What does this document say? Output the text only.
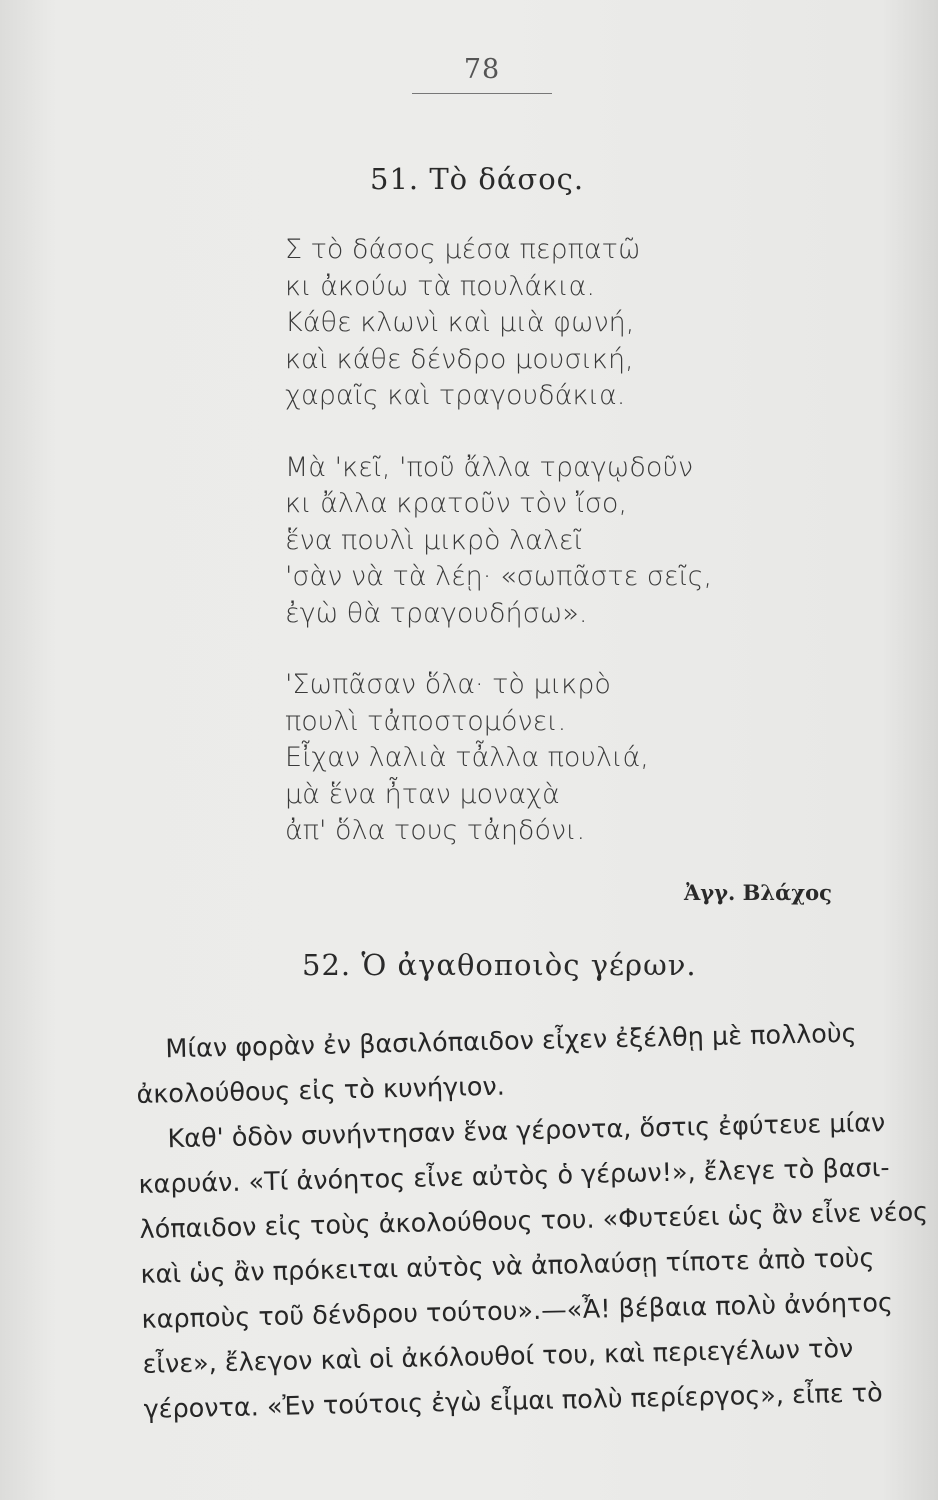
78
51. Τὸ δάσος.
Σ τὸ δάσος μέσα περπατῶ
κι ἀκούω τὰ πουλάκια.
Κάθε κλωνὶ καὶ μιὰ φωνή,
καὶ κάθε δένδρο μουσική,
χαραῖς καὶ τραγουδάκια.
Μὰ 'κεῖ, 'ποῦ ἄλλα τραγῳδοῦν
κι ἄλλα κρατοῦν τὸν ἴσο,
ἕνα πουλὶ μικρὸ λαλεῖ
'σὰν νὰ τὰ λέῃ· «σωπᾶστε σεῖς,
ἐγὼ θὰ τραγουδήσω».
'Σωπᾶσαν ὅλα· τὸ μικρὸ
πουλὶ τἀποστομόνει.
Εἶχαν λαλιὰ τἆλλα πουλιά,
μὰ ἕνα ἦταν μοναχὰ
ἀπ' ὅλα τους τἀηδόνι.
Ἀγγ. Βλάχος
52. Ὁ ἀγαθοποιὸς γέρων.
Μίαν φορὰν ἐν βασιλόπαιδον εἶχεν ἐξέλθῃ μὲ πολλοὺς
ἀκολούθους εἰς τὸ κυνήγιον.
Καθ' ὁδὸν συνήντησαν ἕνα γέροντα, ὅστις ἐφύτευε μίαν
καρυάν. «Τί ἀνόητος εἶνε αὐτὸς ὁ γέρων!», ἔλεγε τὸ βασι-
λόπαιδον εἰς τοὺς ἀκολούθους του. «Φυτεύει ὡς ἂν εἶνε νέος
καὶ ὡς ἂν πρόκειται αὐτὸς νὰ ἀπολαύσῃ τίποτε ἀπὸ τοὺς
καρποὺς τοῦ δένδρου τούτου».—«Ἆ! βέβαια πολὺ ἀνόητος
εἶνε», ἔλεγον καὶ οἱ ἀκόλουθοί του, καὶ περιεγέλων τὸν
γέροντα. «Ἐν τούτοις ἐγὼ εἶμαι πολὺ περίεργος», εἶπε τὸ
